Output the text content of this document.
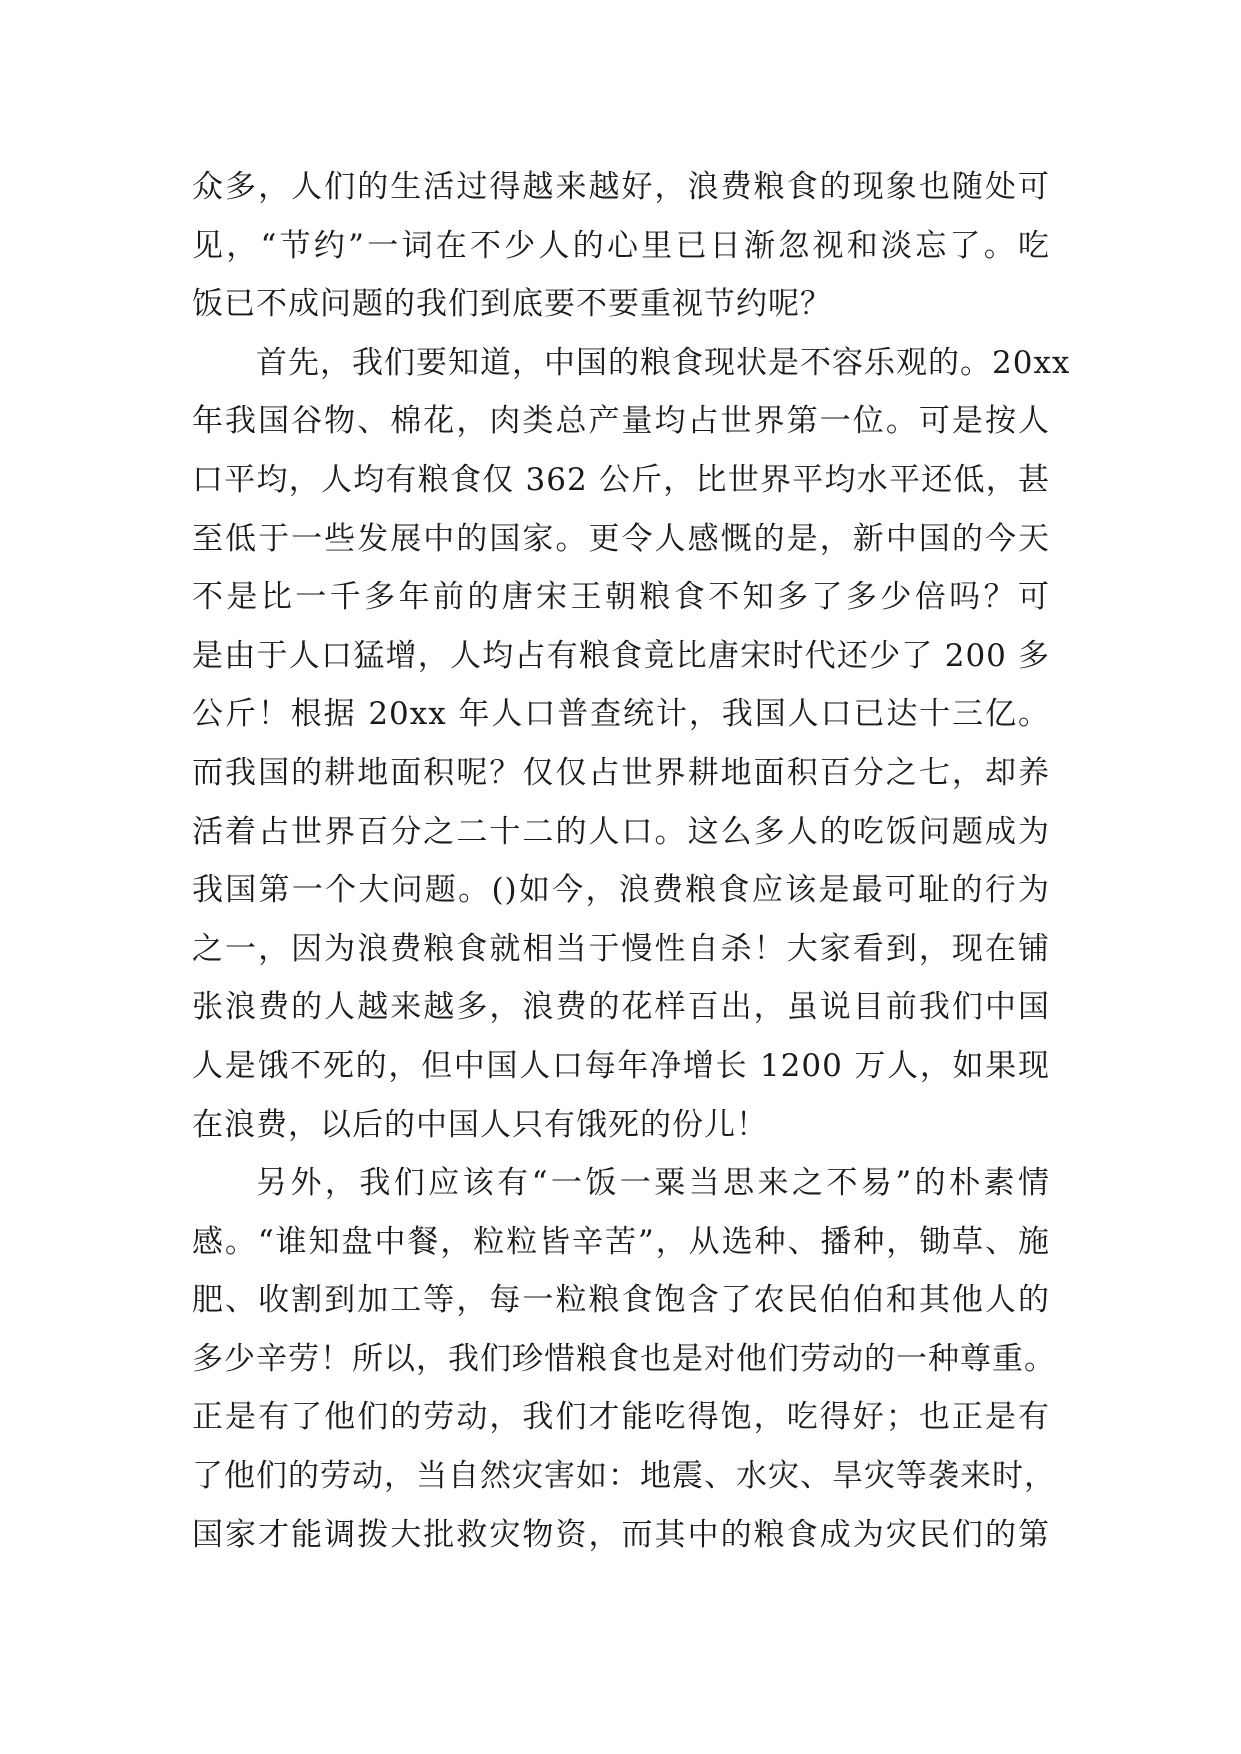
众多，人们的生活过得越来越好，浪费粮食的现象也随处可
见，“节约”一词在不少人的心里已日渐忽视和淡忘了。吃
饭已不成问题的我们到底要不要重视节约呢？
首先，我们要知道，中国的粮食现状是不容乐观的。20xx
年我国谷物、棉花，肉类总产量均占世界第一位。可是按人
口平均，人均有粮食仅 362 公斤，比世界平均水平还低，甚
至低于一些发展中的国家。更令人感慨的是，新中国的今天
不是比一千多年前的唐宋王朝粮食不知多了多少倍吗？可
是由于人口猛增，人均占有粮食竟比唐宋时代还少了 200 多
公斤！根据 20xx 年人口普查统计，我国人口已达十三亿。
而我国的耕地面积呢？仅仅占世界耕地面积百分之七，却养
活着占世界百分之二十二的人口。这么多人的吃饭问题成为
我国第一个大问题。()如今，浪费粮食应该是最可耻的行为
之一，因为浪费粮食就相当于慢性自杀！大家看到，现在铺
张浪费的人越来越多，浪费的花样百出，虽说目前我们中国
人是饿不死的，但中国人口每年净增长 1200 万人，如果现
在浪费，以后的中国人只有饿死的份儿！
另外，我们应该有“一饭一粟当思来之不易”的朴素情
感。“谁知盘中餐，粒粒皆辛苦”，从选种、播种，锄草、施
肥、收割到加工等，每一粒粮食饱含了农民伯伯和其他人的
多少辛劳！所以，我们珍惜粮食也是对他们劳动的一种尊重。
正是有了他们的劳动，我们才能吃得饱，吃得好；也正是有
了他们的劳动，当自然灾害如：地震、水灾、旱灾等袭来时，
国家才能调拨大批救灾物资，而其中的粮食成为灾民们的第
